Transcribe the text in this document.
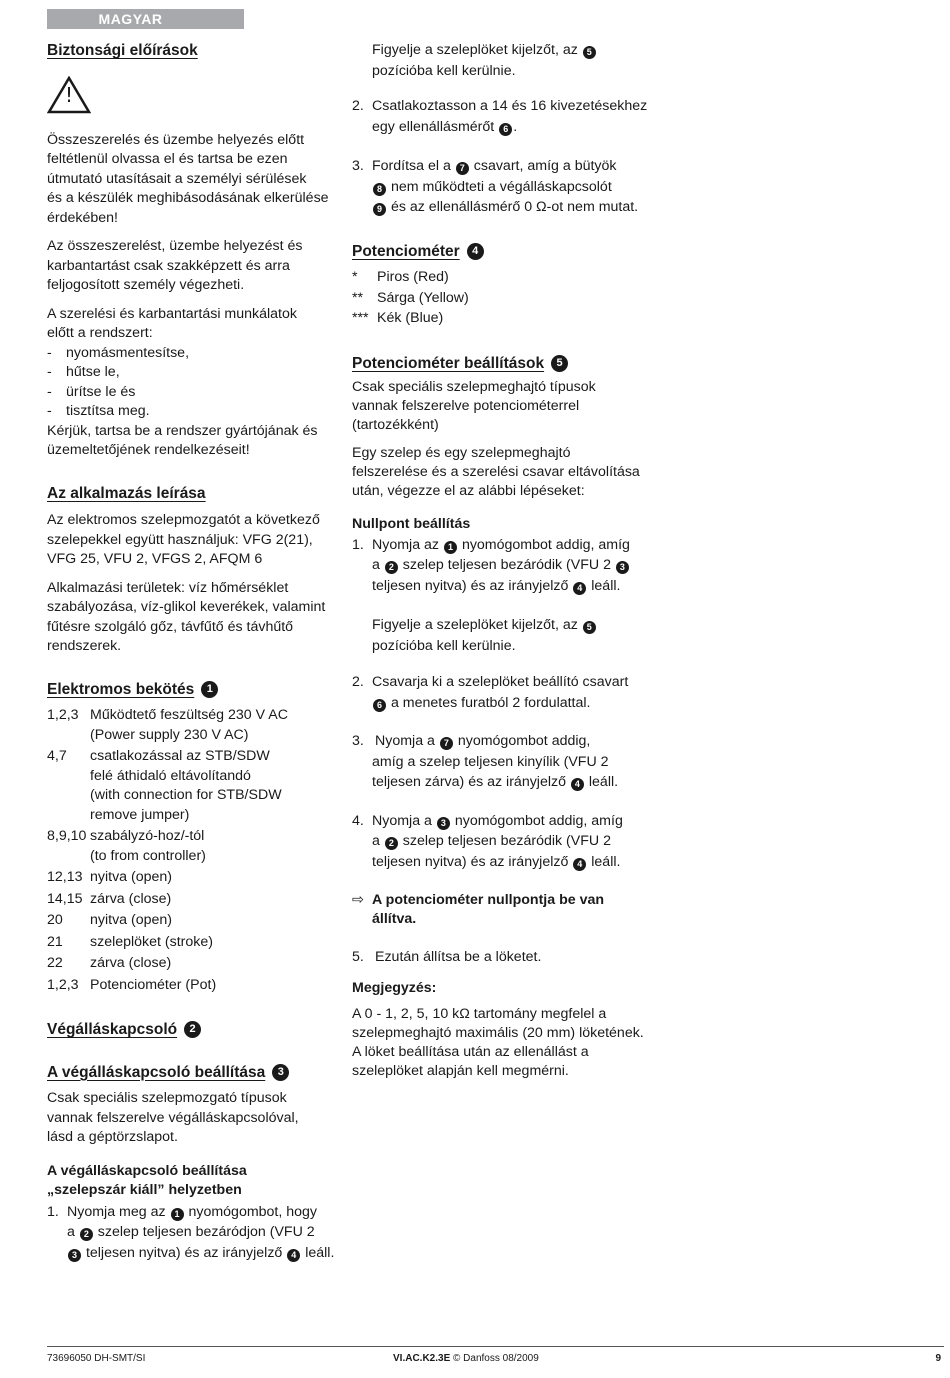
MAGYAR
Biztonsági előírások
!

Összeszerelés és üzembe helyezés előtt

feltétlenül olvassa el és tartsa be ezen

útmutató utasításait a személyi sérülések

és a készülék meghibásodásának elkerülése

érdekében!

Az összeszerelést, üzembe helyezést és

karbantartást csak szakképzett és arra

feljogosított személy végezheti.

A szerelési és karbantartási munkálatok

előtt a rendszert:

- nyomásmentesítse,
- hűtse le,
- ürítse le és
- tisztítsa meg.

Kérjük, tartsa be a rendszer gyártójának és

üzemeltetőjének rendelkezéseit!

Az alkalmazás leírása

Az elektromos szelepmozgatót a következő

szelepekkel együtt használjuk: VFG 2(21),

VFG 25, VFU 2, VFGS 2, AFQM 6

Alkalmazási területek: víz hőmérséklet

szabályozása, víz-glikol keverékek, valamint

fűtésre szolgáló gőz, távfűtő és távhűtő

rendszerek.

Elektromos bekötés	1
1,2,3 Működtető feszültség 230 V AC

(Power supply 230 V AC)

4,7	csatlakozással az STB/SDW

felé áthidaló eltávolítandó

(with connection for STB/SDW

remove jumper)

8,9,10 szabályzó-hoz/-tól

(to from controller)

12,13 nyitva (open)

14,15 zárva (close)

20	nyitva (open)

21	szeleplöket (stroke)

22	zárva (close)

1,2,3 Potenciométer (Pot)

Végálláskapcsoló	2
A végálláskapcsoló beállítása	3

Csak speciális szelepmozgató típusok

vannak felszerelve végálláskapcsolóval,

lásd a géptörzslapot.

A végálláskapcsoló beállítása

„szelepszár kiáll” helyzetben

1. Nyomja meg az 1 nyomógombot, hogy
a 2 szelep teljesen bezáródjon (VFU 2
3 teljesen nyitva) és az irányjelző 4 leáll.
Figyelje a szeleplöket kijelzőt, az 5
pozícióba kell kerülnie.
2. Csatlakoztasson a 14 és 16 kivezetésekhez
egy ellenállásmérőt 6 .
3. Fordítsa el a 7 csavart, amíg a bütyök
8 nem működteti a végálláskapcsolót
9 és az ellenállásmérő 0 Ω-ot nem mutat.
Potenciométer	4
*	Piros (Red)
** Sárga (Yellow)
*** Kék (Blue)
Potenciométer beállítások	5

Csak speciális szelepmeghajtó típusok

vannak felszerelve potenciométerrel

(tartozékként)

Egy szelep és egy szelepmeghajtó

felszerelése és a szerelési csavar eltávolítása

után, végezze el az alábbi lépéseket:

Nullpont beállítás
1. Nyomja az 1 nyomógombot addig, amíg
a 2 szelep teljesen bezáródik (VFU 2 3
teljesen nyitva) és az irányjelző 4 leáll.
Figyelje a szeleplöket kijelzőt, az 5
pozícióba kell kerülnie.
2. Csavarja ki a szeleplöket beállító csavart
6 a menetes furatból 2 fordulattal.
3. Nyomja a 7 nyomógombot addig,
amíg a szelep teljesen kinyílik (VFU 2
teljesen zárva) és az irányjelző 4 leáll.
4. Nyomja a 3 nyomógombot addig, amíg
a 2 szelep teljesen bezáródik (VFU 2
teljesen nyitva) és az irányjelző 4 leáll.
⇨ A potenciométer nullpontja be van

állítva.

5. Ezután állítsa be a löketet.
Megjegyzés:

A 0 - 1, 2, 5, 10 kΩ tartomány megfelel a

szelepmeghajtó maximális (20 mm) löketének.

A löket beállítása után az ellenállást a

szeleplöket alapján kell megmérni.

73696050 DH-SMT/SI	VI.AC.K2.3E © Danfoss 08/2009	9
